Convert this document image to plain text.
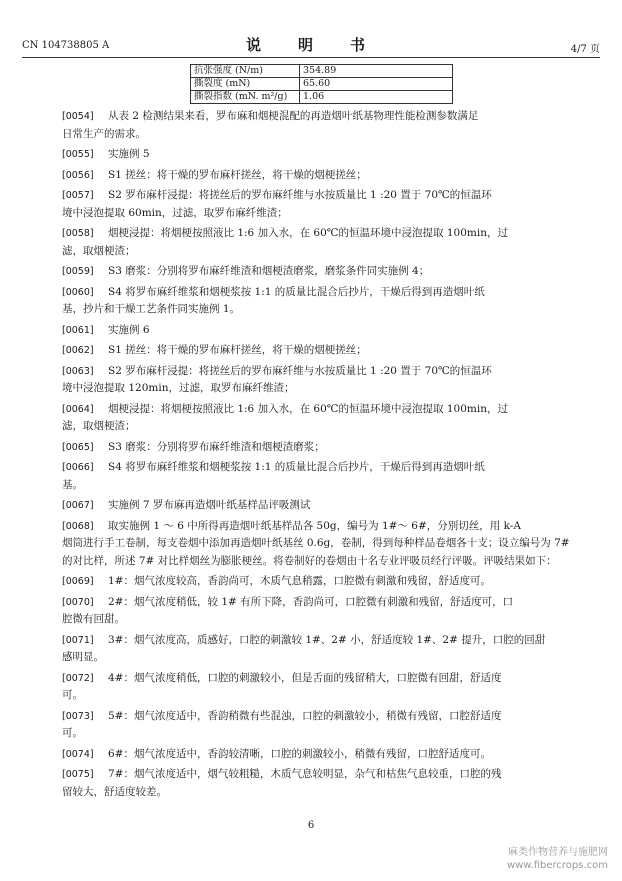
CN 104738805 A	说　明　书	4/7 页
抗张强度 (N/m)	354.89
撕裂度 (mN)	65.60
撕裂指数 (mN. m²/g)	1.06
[0054] 从表 2 检测结果来看，罗布麻和烟梗混配的再造烟叶纸基物理性能检测参数满足
日常生产的需求。
[0055] 实施例 5
[0056] S1 搓丝：将干燥的罗布麻杆搓丝，将干燥的烟梗搓丝；
[0057] S2 罗布麻杆浸提：将搓丝后的罗布麻纤维与水按质量比 1 :20 置于 70℃的恒温环
境中浸泡提取 60min，过滤，取罗布麻纤维渣；
[0058] 烟梗浸提：将烟梗按照液比 1:6 加入水，在 60℃的恒温环境中浸泡提取 100min，过
滤，取烟梗渣；
[0059] S3 磨浆：分别将罗布麻纤维渣和烟梗渣磨浆，磨浆条件同实施例 4；
[0060] S4 将罗布麻纤维浆和烟梗浆按 1:1 的质量比混合后抄片，干燥后得到再造烟叶纸
基，抄片和干燥工艺条件同实施例 1。
[0061] 实施例 6
[0062] S1 搓丝：将干燥的罗布麻杆搓丝，将干燥的烟梗搓丝；
[0063] S2 罗布麻杆浸提：将搓丝后的罗布麻纤维与水按质量比 1 :20 置于 70℃的恒温环
境中浸泡提取 120min，过滤，取罗布麻纤维渣；
[0064] 烟梗浸提：将烟梗按照液比 1:6 加入水，在 60℃的恒温环境中浸泡提取 100min，过
滤，取烟梗渣；
[0065] S3 磨浆：分别将罗布麻纤维渣和烟梗渣磨浆；
[0066] S4 将罗布麻纤维浆和烟梗浆按 1:1 的质量比混合后抄片，干燥后得到再造烟叶纸
基。
[0067] 实施例 7 罗布麻再造烟叶纸基样品评吸测试
[0068] 取实施例 1 ～ 6 中所得再造烟叶纸基样品各 50g，编号为 1#～ 6#，分别切丝，用 k-A
烟筒进行手工卷制，每支卷烟中添加再造烟叶纸基丝 0.6g，卷制，得到每种样品卷烟各十支；设立编号为 7# 的对比样，所述 7# 对比样烟丝为膨胀梗丝。将卷制好的卷烟由十名专业评吸员经行评吸。评吸结果如下：
[0069] 1#：烟气浓度较高，香韵尚可，木质气息稍露，口腔微有刺激和残留，舒适度可。
[0070] 2#：烟气浓度稍低，较 1# 有所下降，香韵尚可，口腔微有刺激和残留，舒适度可，口
腔微有回甜。
[0071] 3#：烟气浓度高，质感好，口腔的刺激较 1#、2# 小，舒适度较 1#、2# 提升，口腔的回甜
感明显。
[0072] 4#：烟气浓度稍低，口腔的刺激较小，但是舌面的残留稍大，口腔微有回甜，舒适度
可。
[0073] 5#：烟气浓度适中，香韵稍微有些混浊，口腔的刺激较小，稍微有残留，口腔舒适度
可。
[0074] 6#：烟气浓度适中，香韵较清晰，口腔的刺激较小，稍微有残留，口腔舒适度可。
[0075] 7#：烟气浓度适中，烟气较粗糙，木质气息较明显，杂气和枯焦气息较重，口腔的残
留较大，舒适度较差。
6
麻类作物营养与施肥网
www.fibercrops.com
